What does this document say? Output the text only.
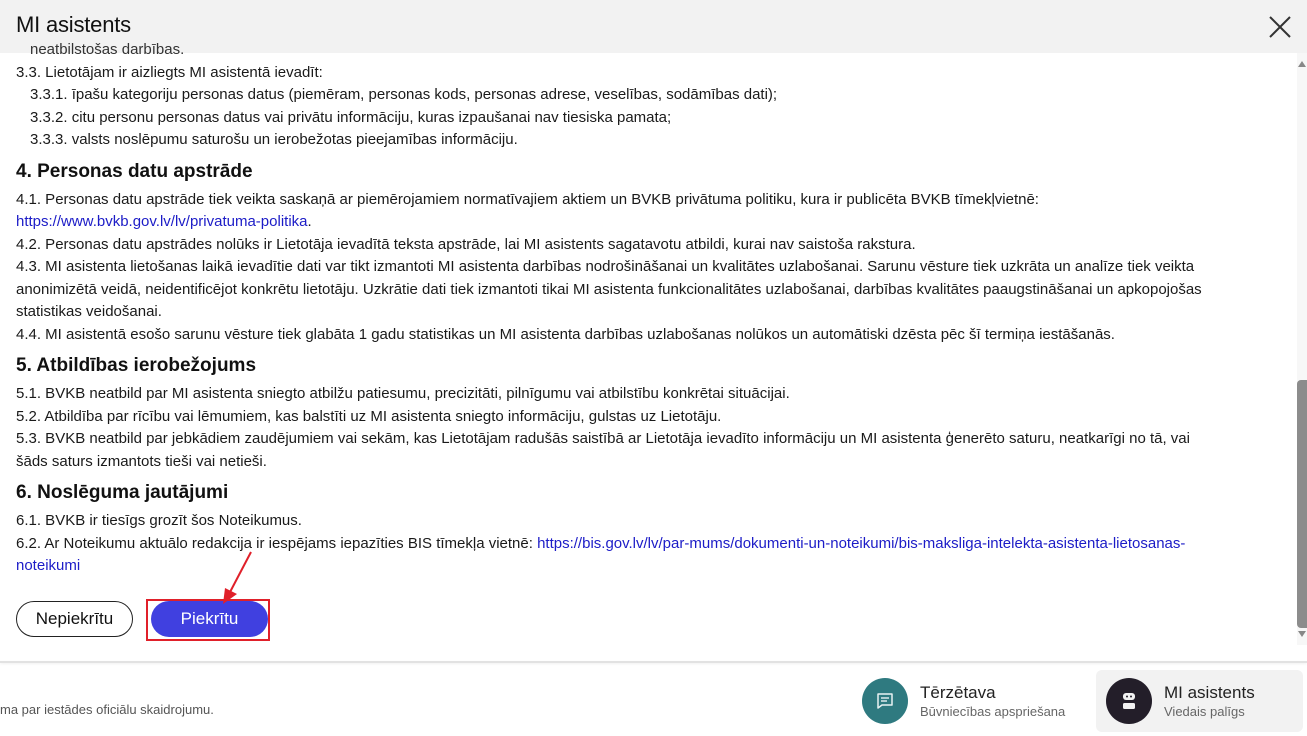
MI asistents
neatbilstošas darbības.
3.3. Lietotājam ir aizliegts MI asistentā ievadīt:
3.3.1. īpašu kategoriju personas datus (piemēram, personas kods, personas adrese, veselības, sodāmības dati);
3.3.2. citu personu personas datus vai privātu informāciju, kuras izpaušanai nav tiesiska pamata;
3.3.3. valsts noslēpumu saturošu un ierobežotas pieejamības informāciju.
4. Personas datu apstrāde
4.1. Personas datu apstrāde tiek veikta saskaņā ar piemērojamiem normatīvajiem aktiem un BVKB privātuma politiku, kura ir publicēta BVKB tīmekļvietnē:
https://www.bvkb.gov.lv/lv/privatuma-politika.
4.2. Personas datu apstrādes nolūks ir Lietotāja ievadītā teksta apstrāde, lai MI asistents sagatavotu atbildi, kurai nav saistoša rakstura.
4.3. MI asistenta lietošanas laikā ievadītie dati var tikt izmantoti MI asistenta darbības nodrošināšanai un kvalitātes uzlabošanai. Sarunu vēsture tiek uzkrāta un analīze tiek veikta
anonimizētā veidā, neidentificējot konkrētu lietotāju. Uzkrātie dati tiek izmantoti tikai MI asistenta funkcionalitātes uzlabošanai, darbības kvalitātes paaugstināšanai un apkopojošas
statistikas veidošanai.
4.4. MI asistentā esošo sarunu vēsture tiek glabāta 1 gadu statistikas un MI asistenta darbības uzlabošanas nolūkos un automātiski dzēsta pēc šī termiņa iestāšanās.
5. Atbildības ierobežojums
5.1. BVKB neatbild par MI asistenta sniegto atbilžu patiesumu, precizitāti, pilnīgumu vai atbilstību konkrētai situācijai.
5.2. Atbildība par rīcību vai lēmumiem, kas balstīti uz MI asistenta sniegto informāciju, gulstas uz Lietotāju.
5.3. BVKB neatbild par jebkādiem zaudējumiem vai sekām, kas Lietotājam radušās saistībā ar Lietotāja ievadīto informāciju un MI asistenta ģenerēto saturu, neatkarīgi no tā, vai
šāds saturs izmantots tieši vai netieši.
6. Noslēguma jautājumi
6.1. BVKB ir tiesīgs grozīt šos Noteikumus.
6.2. Ar Noteikumu aktuālo redakcija ir iespējams iepazīties BIS tīmekļa vietnē: https://bis.gov.lv/lv/par-mums/dokumenti-un-noteikumi/bis-maksliga-intelekta-asistenta-lietosanas-
noteikumi
Nepiekrītu	Piekrītu
ma par iestādes oficiālu skaidrojumu.
Tērzētava
Būvniecības apspriešana
MI asistents
Viedais palīgs
